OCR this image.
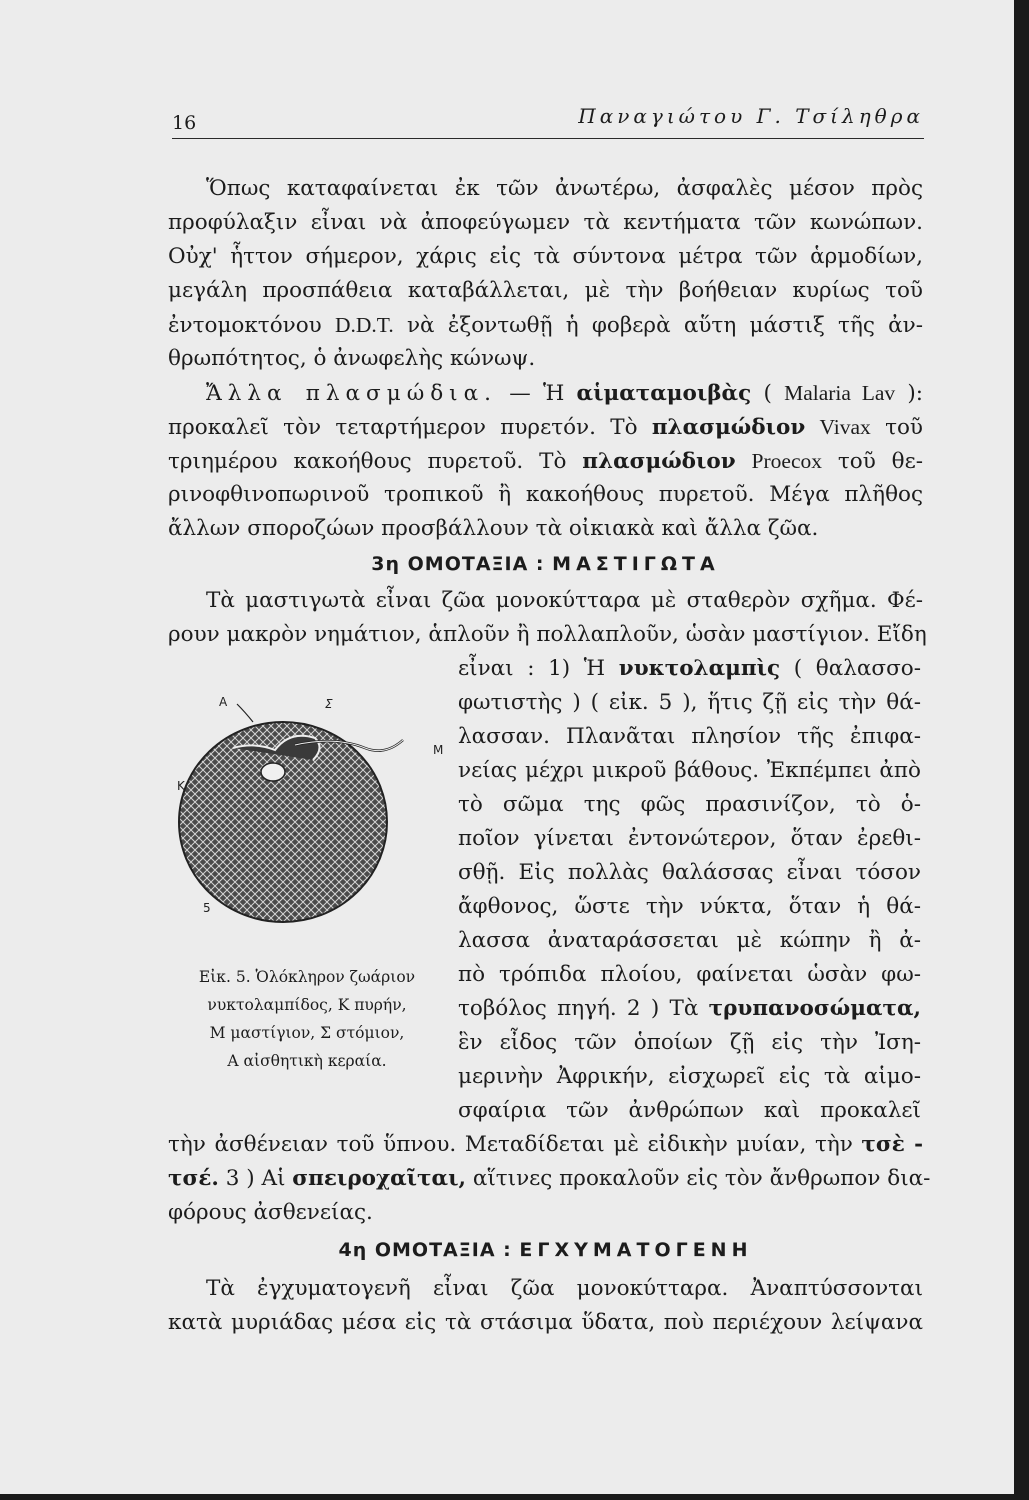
16	Παναγιώτου Γ. Τσίληθρα
Ὅπως καταφαίνεται ἐκ τῶν ἀνωτέρω, ἀσφαλὲς μέσον πρὸς
προφύλαξιν εἶναι νὰ ἀποφεύγωμεν τὰ κεντήματα τῶν κωνώπων.
Οὐχ' ἧττον σήμερον, χάρις εἰς τὰ σύντονα μέτρα τῶν ἁρμοδίων,
μεγάλη προσπάθεια καταβάλλεται, μὲ τὴν βοήθειαν κυρίως τοῦ
ἐντομοκτόνου D.D.T. νὰ ἐξοντωθῇ ἡ φοβερὰ αὕτη μάστιξ τῆς ἀν-
θρωπότητος, ὁ ἀνωφελὴς κώνωψ.
Ἄλλα πλασμώδια. — Ἡ αἱματαμοιβὰς ( Malaria Lav ):
προκαλεῖ τὸν τεταρτήμερον πυρετόν. Τὸ πλασμώδιον Vivax τοῦ
τριημέρου κακοήθους πυρετοῦ. Τὸ πλασμώδιον Proecox τοῦ θε-
ρινοφθινοπωρινοῦ τροπικοῦ ἢ κακοήθους πυρετοῦ. Μέγα πλῆθος
ἄλλων σποροζώων προσβάλλουν τὰ οἰκιακὰ καὶ ἄλλα ζῶα.
3η ΟΜΟΤΑΞΙΑ : ΜΑΣΤΙΓΩΤΑ
Τὰ μαστιγωτὰ εἶναι ζῶα μονοκύτταρα μὲ σταθερὸν σχῆμα. Φέ-
ρουν μακρὸν νημάτιον, ἁπλοῦν ἢ πολλαπλοῦν, ὡσὰν μαστίγιον. Εἴδη
εἶναι : 1) Ἡ νυκτολαμπὶς ( θαλασσο-
φωτιστὴς ) ( εἰκ. 5 ), ἥτις ζῇ εἰς τὴν θά-
λασσαν. Πλανᾶται πλησίον τῆς ἐπιφα-
νείας μέχρι μικροῦ βάθους. Ἐκπέμπει ἀπὸ
τὸ σῶμα της φῶς πρασινίζον, τὸ ὁ-
ποῖον γίνεται ἐντονώτερον, ὅταν ἐρεθι-
σθῇ. Εἰς πολλὰς θαλάσσας εἶναι τόσον
ἄφθονος, ὥστε τὴν νύκτα, ὅταν ἡ θά-
λασσα ἀναταράσσεται μὲ κώπην ἢ ἀ-
πὸ τρόπιδα πλοίου, φαίνεται ὡσὰν φω-
τοβόλος πηγή. 2 ) Τὰ τρυπανοσώματα,
ἓν εἶδος τῶν ὁποίων ζῇ εἰς τὴν Ἰση-
μερινὴν Ἀφρικήν, εἰσχωρεῖ εἰς τὰ αἱμο-
σφαίρια τῶν ἀνθρώπων καὶ προκαλεῖ
τὴν ἀσθένειαν τοῦ ὕπνου. Μεταδίδεται μὲ εἰδικὴν μυίαν, τὴν τσὲ -
τσέ. 3 ) Αἱ σπειροχαῖται, αἵτινες προκαλοῦν εἰς τὸν ἄνθρωπον δια-
φόρους ἀσθενείας.
Α	Σ
Μ
Κ
5
Εἰκ. 5. Ὁλόκληρον ζωάριον
νυκτολαμπίδος, Κ πυρήν,
Μ μαστίγιον, Σ στόμιον,
Α αἰσθητικὴ κεραία.
4η ΟΜΟΤΑΞΙΑ : ΕΓΧΥΜΑΤΟΓΕΝΗ
Τὰ ἐγχυματογενῆ εἶναι ζῶα μονοκύτταρα. Ἀναπτύσσονται
κατὰ μυριάδας μέσα εἰς τὰ στάσιμα ὕδατα, ποὺ περιέχουν λείψανα
